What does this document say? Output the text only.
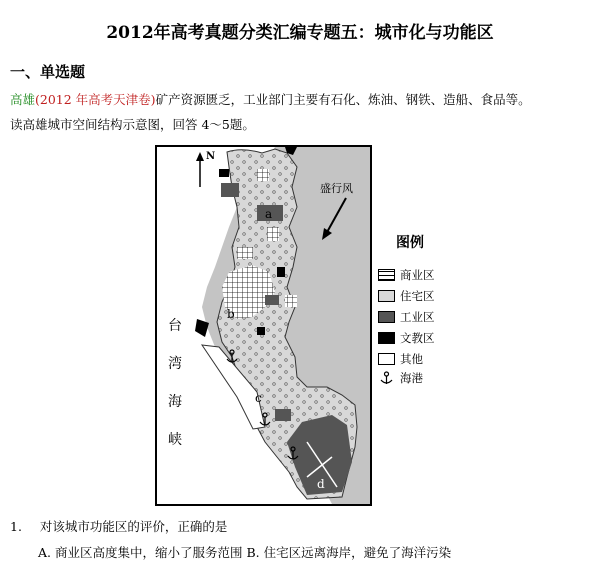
2012年高考真题分类汇编专题五：城市化与功能区
一、单选题
高雄(2012 年高考天津卷)矿产资源匮乏，工业部门主要有石化、炼油、钢铁、造船、食品等。
读高雄城市空间结构示意图，回答 4～5题。
N
a
b
c
d
台
湾
海
峡
盛行风
图例
商业区
住宅区
工业区
文教区
其他
海港
1. 对该城市功能区的评价，正确的是
A. 商业区高度集中，缩小了服务范围 B. 住宅区远离海岸，避免了海洋污染
